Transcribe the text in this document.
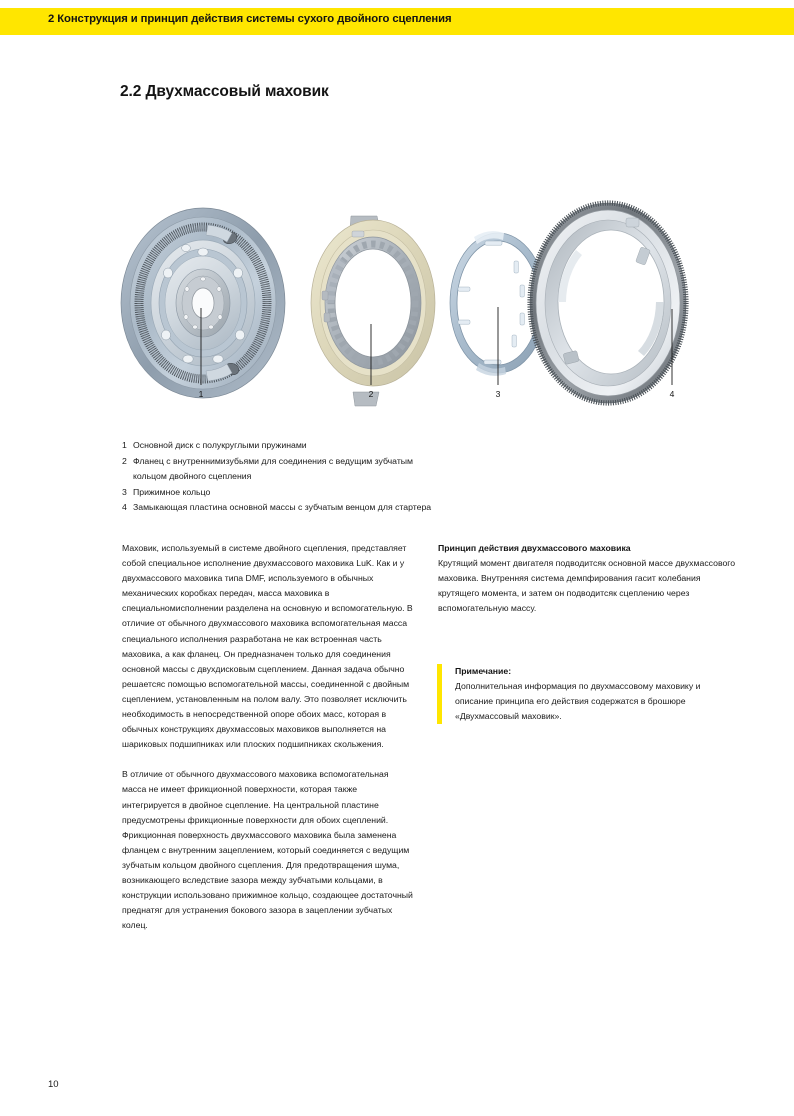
2 Конструкция и принцип действия системы сухого двойного сцепления
2.2 Двухмассовый маховик
1	2	3	4
1 Основной диск с полукруглыми пружинами
2 Фланец с внутреннимизубьями для соединения с ведущим зубчатым
кольцом двойного сцепления
3 Прижимное кольцо
4 Замыкающая пластина основной массы с зубчатым венцом для стартера

Маховик, используемый в системе двойного сцепления, представляет собой специальное исполнение двухмассового маховика LuK. Как и у двухмассового маховика типа DMF, используемого в обычных механических коробках передач, масса маховика в специальномисполнении разделена на основную и вспомогательную. В отличие от обычного двухмассового маховика вспомогательная масса специального исполнения разработана не как встроенная часть маховика, а как фланец. Он предназначен только для соединения основной массы с двухдисковым сцеплением. Данная задача обычно решаетсяс помощью вспомогательной массы, соединенной с двойным сцеплением, установленным на полом валу. Это позволяет исключить необходимость в непосредственной опоре обоих масс, которая в обычных конструкциях двухмассовых маховиков выполняется на шариковых подшипниках или плоских подшипниках скольжения.

В отличие от обычного двухмассового маховика вспомогательная масса не имеет фрикционной поверхности, которая также интегрируется в двойное сцепление. На центральной пластине предусмотрены фрикционные поверхности для обоих сцеплений. Фрикционная поверхность двухмассового маховика была заменена фланцем с внутренним зацеплением, который соединяется с ведущим зубчатым кольцом двойного сцепления. Для предотвращения шума, возникающего вследствие зазора между зубчатыми кольцами, в конструкции использовано прижимное кольцо, создающее достаточный преднатяг для устранения бокового зазора в зацеплении зубчатых колец.

Принцип действия двухмассового маховика

Крутящий момент двигателя подводитсяк основной массе двухмассового маховика. Внутренняя система демпфирования гасит колебания крутящего момента, и затем он подводитсяк сцеплению через вспомогательную массу.

Примечание:
Дополнительная информация по двухмассовому маховику и описание принципа его действия содержатся в брошюре «Двухмассовый маховик».
10
